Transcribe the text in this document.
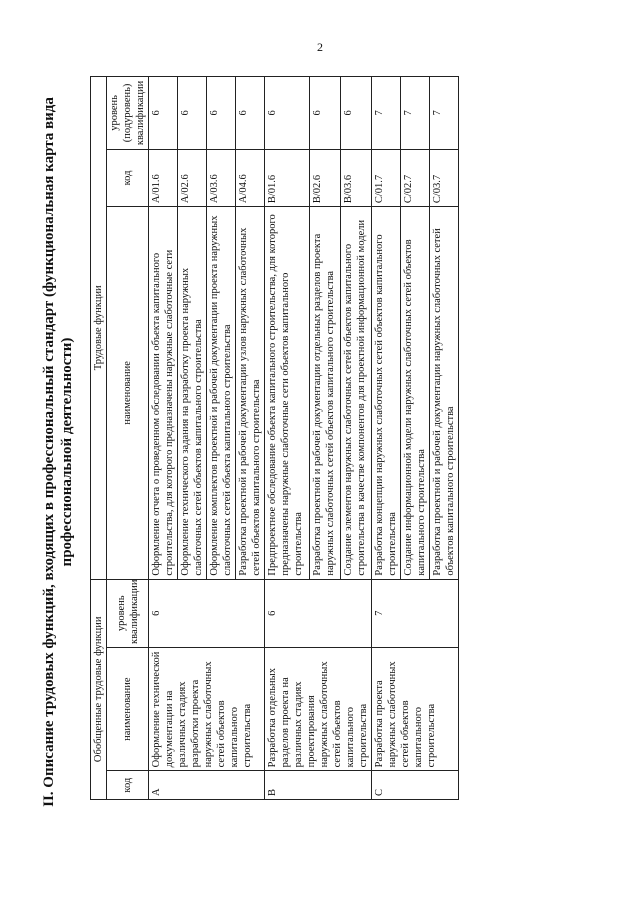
2
II. Описание трудовых функций, входящих в профессиональный стандарт (функциональная карта вида профессиональной деятельности)
Обобщенные трудовые функции			Трудовые функции		
код	наименование	уровень квалификации	наименование	код	уровень (подуровень) квалификации
A	Оформление технической документации на различных стадиях разработки проекта наружных слаботочных сетей объектов капитального строительства	6	Оформление отчета о проведенном обследовании объекта капитального строительства, для которого предназначены наружные слаботочные сети	A/01.6	6
			Оформление технического задания на разработку проекта наружных слаботочных сетей объектов капитального строительства	A/02.6	6
			Оформление комплектов проектной и рабочей документации проекта наружных слаботочных сетей объекта капитального строительства	A/03.6	6
			Разработка проектной и рабочей документации узлов наружных слаботочных сетей объектов капитального строительства	A/04.6	6
B	Разработка отдельных разделов проекта на различных стадиях проектирования наружных слаботочных сетей объектов капитального строительства	6	Предпроектное обследование объекта капитального строительства, для которого предназначены наружные слаботочные сети объектов капитального строительства	B/01.6	6
			Разработка проектной и рабочей документации отдельных разделов проекта наружных слаботочных сетей объектов капитального строительства	B/02.6	6
			Создание элементов наружных слаботочных сетей объектов капитального строительства в качестве компонентов для проектной информационной модели	B/03.6	6
C	Разработка проекта наружных слаботочных сетей объектов капитального строительства	7	Разработка концепции наружных слаботочных сетей объектов капитального строительства	C/01.7	7
			Создание информационной модели наружных слаботочных сетей объектов капитального строительства	C/02.7	7
			Разработка проектной и рабочей документации наружных слаботочных сетей объектов капитального строительства	C/03.7	7
